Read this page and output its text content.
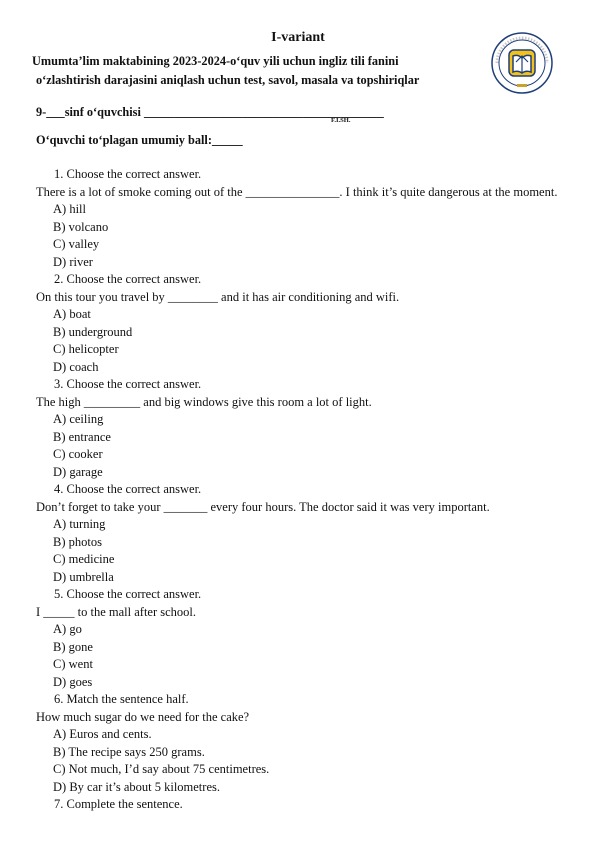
I-variant
Umumta’lim maktabining 2023-2024-o‘quv yili uchun ingliz tili fanini
o‘zlashtirish darajasini aniqlash uchun test, savol, masala va topshiriqlar
9-___sinf o‘quvchisi _______________________________________
F.I.SH.
O‘quvchi to‘plagan umumiy ball:_____
1. Choose the correct answer.
There is a lot of smoke coming out of the _______________. I think it’s quite dangerous at the moment.
A) hill
B) volcano
C) valley
D) river
2. Choose the correct answer.
On this tour you travel by ________ and it has air conditioning and wifi.
A) boat
B) underground
C) helicopter
D) coach
3. Choose the correct answer.
The high _________ and big windows give this room a lot of light.
A) ceiling
B) entrance
C) cooker
D) garage
4. Choose the correct answer.
Don’t forget to take your _______ every four hours. The doctor said it was very important.
A) turning
B) photos
C) medicine
D) umbrella
5. Choose the correct answer.
I _____ to the mall after school.
A) go
B) gone
C) went
D) goes
6. Match the sentence half.
How much sugar do we need for the cake?
A) Euros and cents.
B) The recipe says 250 grams.
C) Not much, I’d say about 75 centimetres.
D) By car it’s about 5 kilometres.
7. Complete the sentence.
